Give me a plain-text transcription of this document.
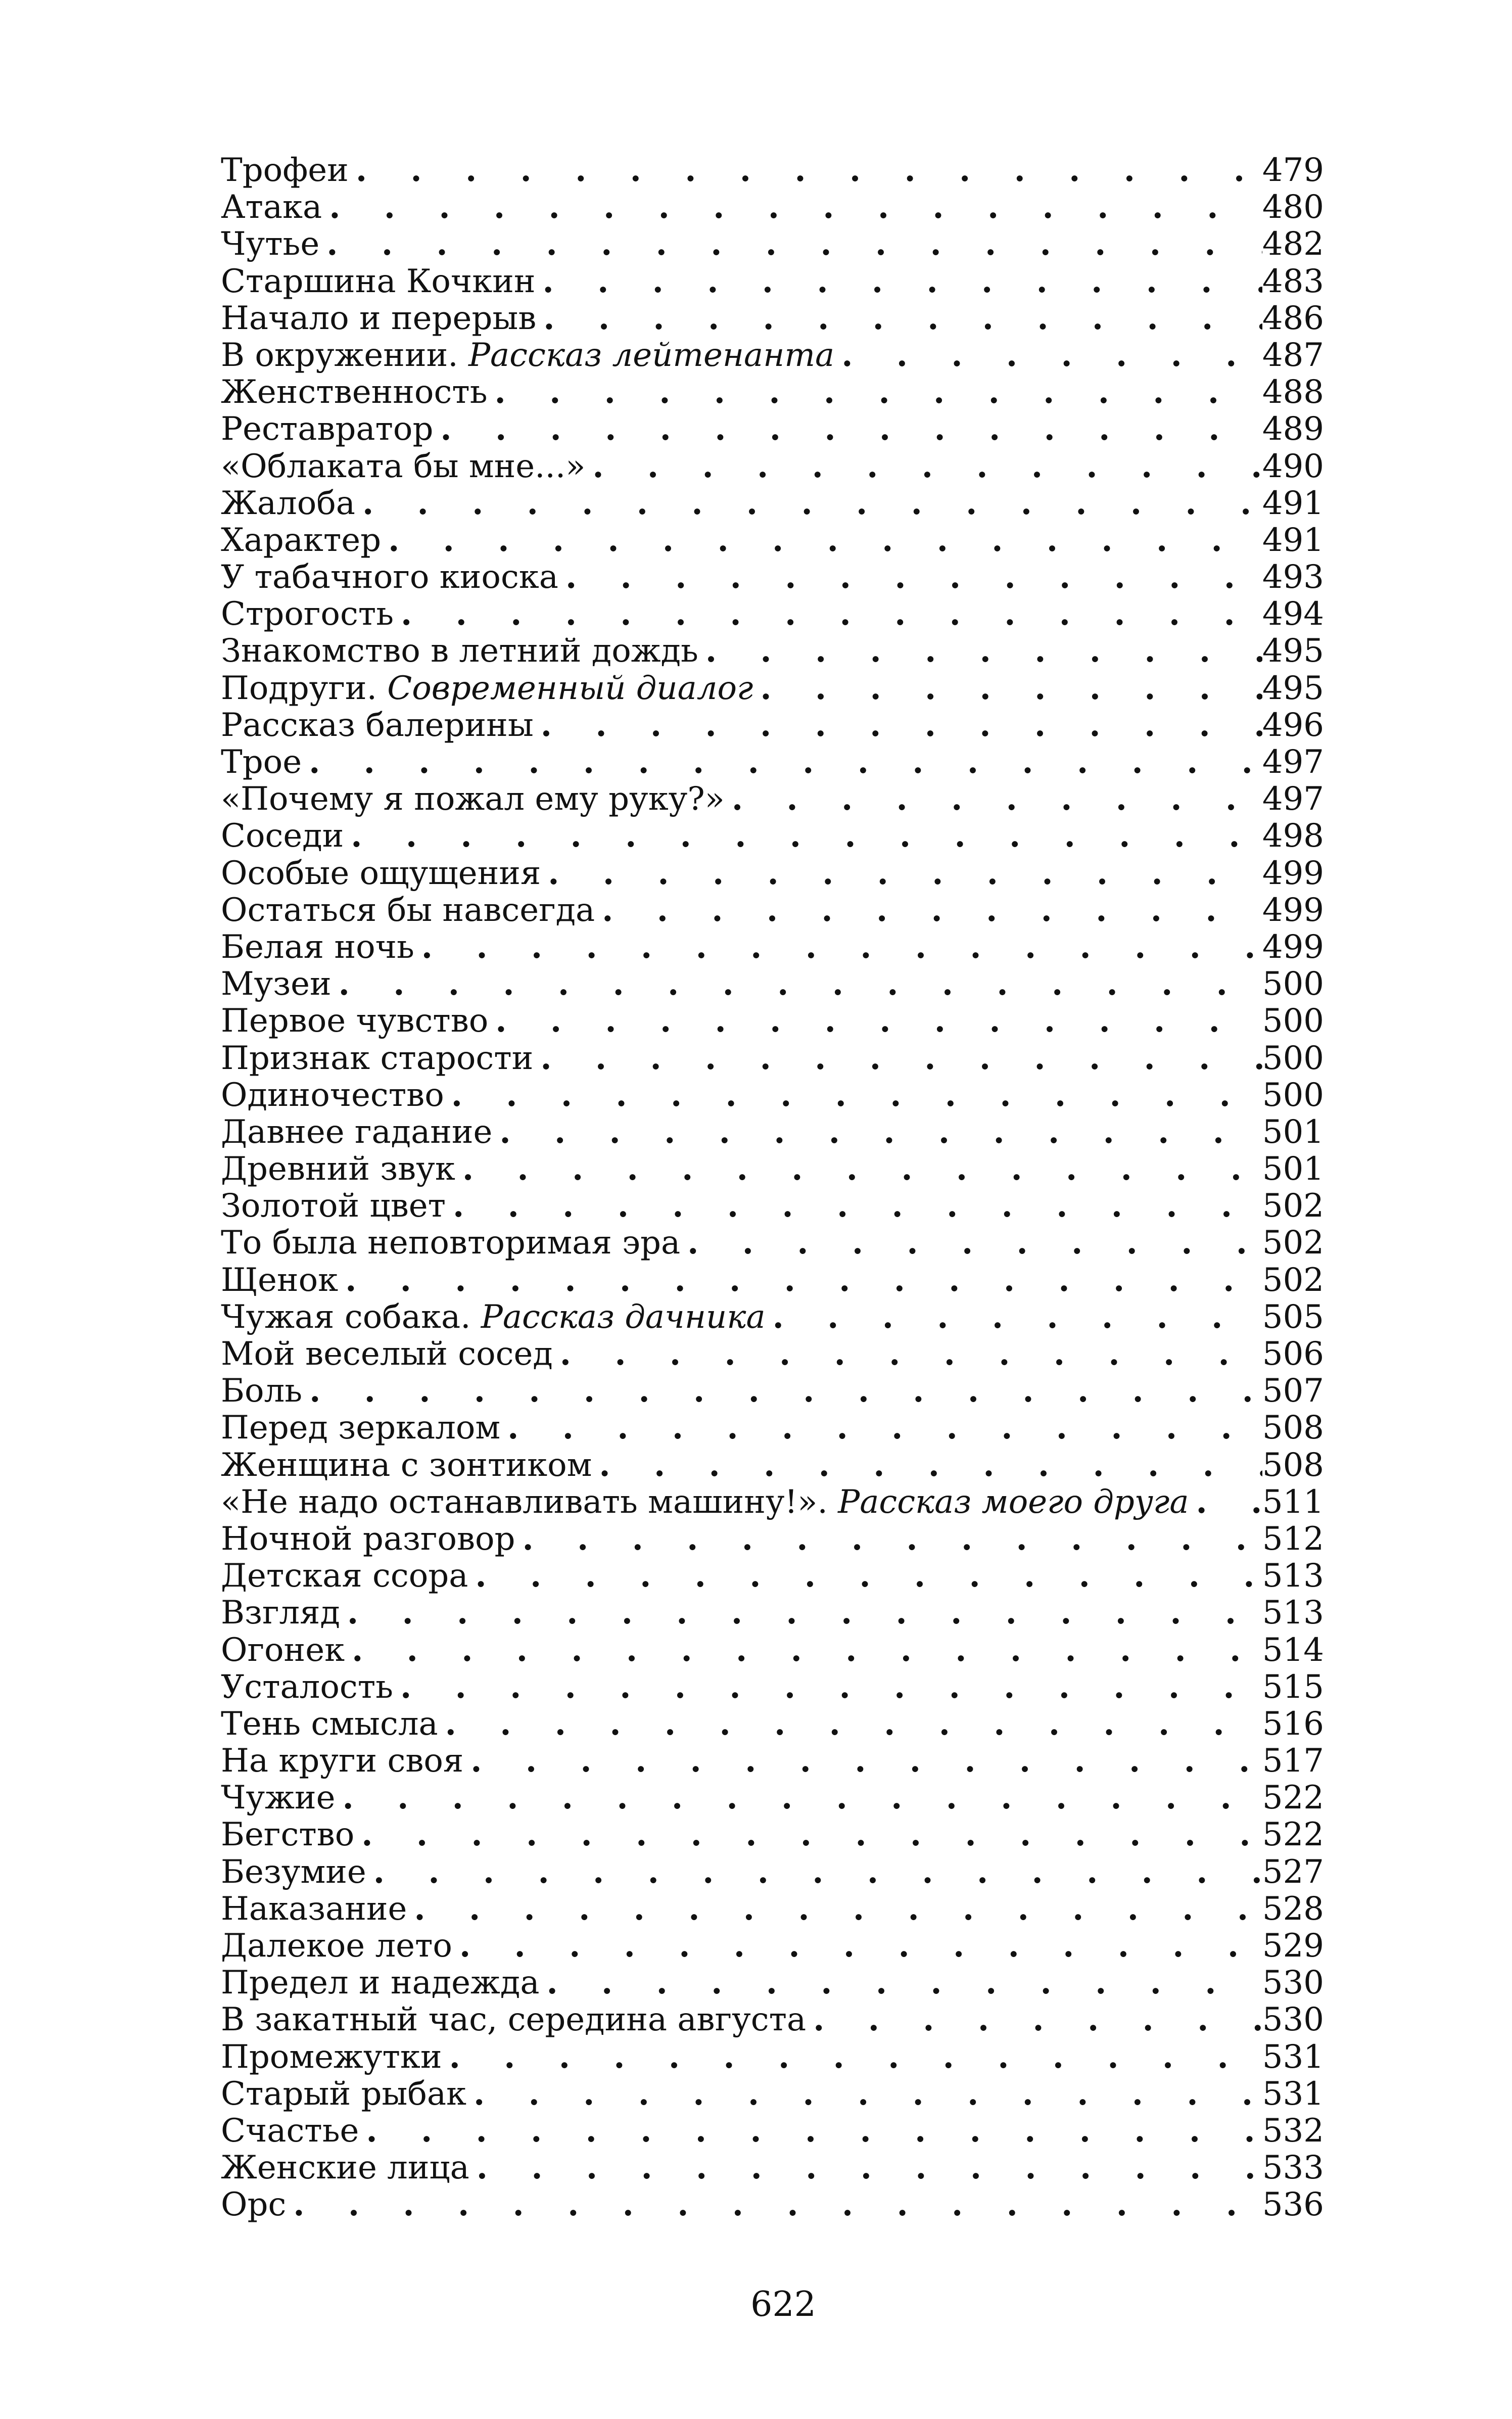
Трофеи . . .	479
Атака . . .	480
Чутье . . .	482
Старшина Кочкин . . .	483
Начало и перерыв . . .	486
В окружении. Рассказ лейтенанта . . .	487
Женственность . . .	488
Реставратор . . .	489
«Облаката бы мне...» . . .	490
Жалоба . . .	491
Характер . . .	491
У табачного киоска . . .	493
Строгость . . .	494
Знакомство в летний дождь . . .	495
Подруги. Современный диалог . . .	495
Рассказ балерины . . .	496
Трое . . .	497
«Почему я пожал ему руку?» . . .	497
Соседи . . .	498
Особые ощущения . . .	499
Остаться бы навсегда . . .	499
Белая ночь . . .	499
Музеи . . .	500
Первое чувство . . .	500
Признак старости . . .	500
Одиночество . . .	500
Давнее гадание . . .	501
Древний звук . . .	501
Золотой цвет . . .	502
То была неповторимая эра . . .	502
Щенок . . .	502
Чужая собака. Рассказ дачника . . .	505
Мой веселый сосед . . .	506
Боль . . .	507
Перед зеркалом . . .	508
Женщина с зонтиком . . .	508
«Не надо останавливать машину!». Рассказ моего друга . . . 511
Ночной разговор . . .	512
Детская ссора . . .	513
Взгляд . . .	513
Огонек . . .	514
Усталость . . .	515
Тень смысла . . .	516
На круги своя . . .	517
Чужие . . .	522
Бегство . . .	522
Безумие . . .	527
Наказание . . .	528
Далекое лето . . .	529
Предел и надежда . . .	530
В закатный час, середина августа . . .	530
Промежутки . . .	531
Старый рыбак . . .	531
Счастье . . .	532
Женские лица . . .	533
Орс . . .	536
622
